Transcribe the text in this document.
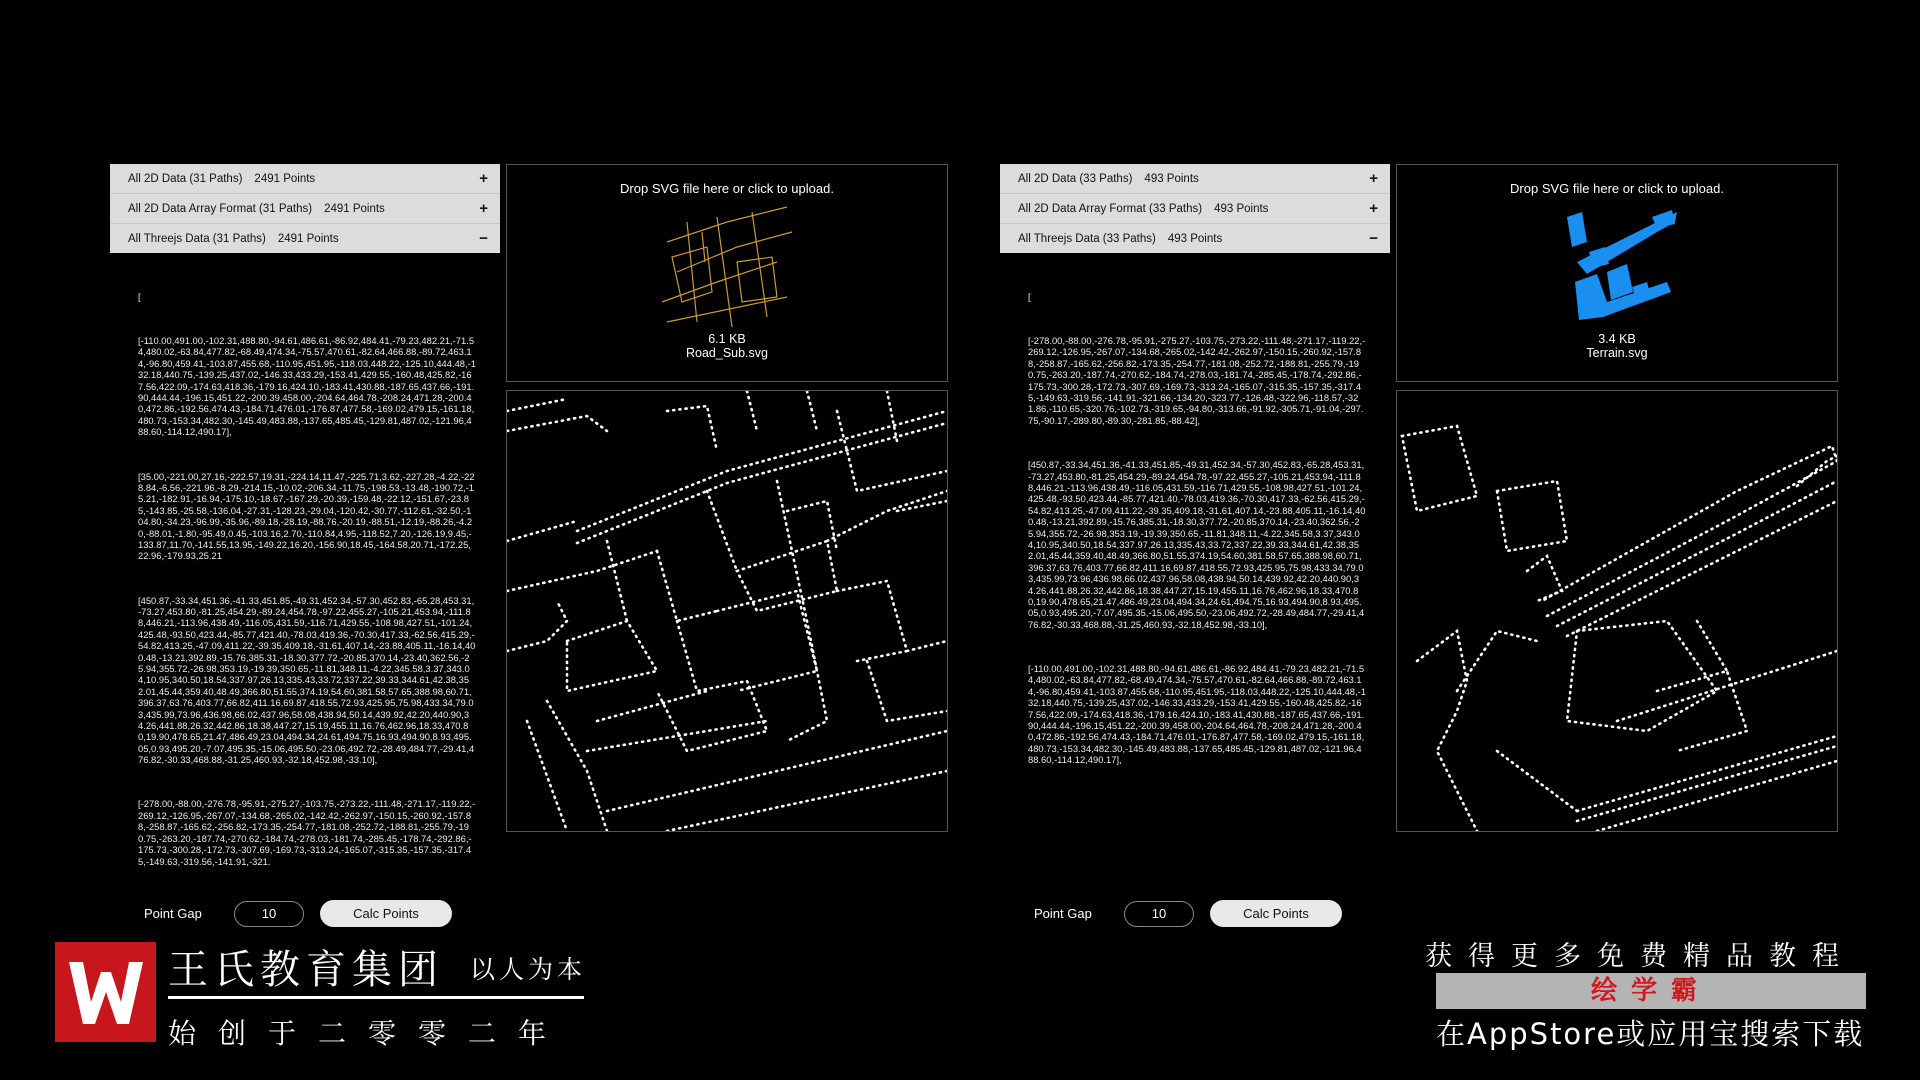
All 2D Data (31 Paths) 2491 Points	+
All 2D Data Array Format (31 Paths) 2491 Points	+
All Threejs Data (31 Paths) 2491 Points	−

[

[-110.00,491.00,-102.31,488.80,-94.61,486.61,-86.92,484.41,-79.23,482.21,-71.54,480.02,-63.84,477.82,-68.49,474.34,-75.57,470.61,-82.64,466.88,-89.72,463.14,-96.80,459.41,-103.87,455.68,-110.95,451.95,-118.03,448.22,-125.10,444.48,-132.18,440.75,-139.25,437.02,-146.33,433.29,-153.41,429.55,-160.48,425.82,-167.56,422.09,-174.63,418.36,-179.16,424.10,-183.41,430.88,-187.65,437.66,-191.90,444.44,-196.15,451.22,-200.39,458.00,-204.64,464.78,-208.24,471.28,-200.40,472.86,-192.56,474.43,-184.71,476.01,-176.87,477.58,-169.02,479.15,-161.18,480.73,-153.34,482.30,-145.49,483.88,-137.65,485.45,-129.81,487.02,-121.96,488.60,-114.12,490.17],

[35.00,-221.00,27.16,-222.57,19.31,-224.14,11.47,-225.71,3.62,-227.28,-4.22,-228.84,-6.56,-221.96,-8.29,-214.15,-10.02,-206.34,-11.75,-198.53,-13.48,-190.72,-15.21,-182.91,-16.94,-175.10,-18.67,-167.29,-20.39,-159.48,-22.12,-151.67,-23.85,-143.85,-25.58,-136.04,-27.31,-128.23,-29.04,-120.42,-30.77,-112.61,-32.50,-104.80,-34.23,-96.99,-35.96,-89.18,-28.19,-88.76,-20.19,-88.51,-12.19,-88.26,-4.20,-88.01,-1.80,-95.49,0.45,-103.16,2.70,-110.84,4.95,-118.52,7.20,-126.19,9.45,-133.87,11.70,-141.55,13.95,-149.22,16.20,-156.90,18.45,-164.58,20.71,-172.25,22.96,-179.93,25.21

[450.87,-33.34,451.36,-41.33,451.85,-49.31,452.34,-57.30,452.83,-65.28,453.31,-73.27,453.80,-81.25,454.29,-89.24,454.78,-97.22,455.27,-105.21,453.94,-111.88,446.21,-113.96,438.49,-116.05,431.59,-116.71,429.55,-108.98,427.51,-101.24,425.48,-93.50,423.44,-85.77,421.40,-78.03,419.36,-70.30,417.33,-62.56,415.29,-54.82,413.25,-47.09,411.22,-39.35,409.18,-31.61,407.14,-23.88,405.11,-16.14,400.48,-13.21,392.89,-15.76,385.31,-18.30,377.72,-20.85,370.14,-23.40,362.56,-25.94,355.72,-26.98,353.19,-19.39,350.65,-11.81,348.11,-4.22,345.58,3.37,343.04,10.95,340.50,18.54,337.97,26.13,335.43,33.72,337.22,39.33,344.61,42.38,352.01,45.44,359.40,48.49,366.80,51.55,374.19,54.60,381.58,57.65,388.98,60.71,396.37,63.76,403.77,66.82,411.16,69.87,418.55,72.93,425.95,75.98,433.34,79.03,435.99,73.96,436.98,66.02,437.96,58.08,438.94,50.14,439.92,42.20,440.90,34.26,441.88,26.32,442.86,18.38,447.27,15.19,455.11,16.76,462.96,18.33,470.80,19.90,478.65,21.47,486.49,23.04,494.34,24.61,494.75,16.93,494.90,8.93,495.05,0.93,495.20,-7.07,495.35,-15.06,495.50,-23.06,492.72,-28.49,484.77,-29.41,476.82,-30.33,468.88,-31.25,460.93,-32.18,452.98,-33.10],

[-278.00,-88.00,-276.78,-95.91,-275.27,-103.75,-273.22,-111.48,-271.17,-119.22,-269.12,-126.95,-267.07,-134.68,-265.02,-142.42,-262.97,-150.15,-260.92,-157.88,-258.87,-165.62,-256.82,-173.35,-254.77,-181.08,-252.72,-188.81,-255.79,-190.75,-263.20,-187.74,-270.62,-184.74,-278.03,-181.74,-285.45,-178.74,-292.86,-175.73,-300.28,-172.73,-307.69,-169.73,-313.24,-165.07,-315.35,-157.35,-317.45,-149.63,-319.56,-141.91,-321.

Drop SVG file here or click to upload.
6.1 KB
Road_Sub.svg
Point Gap
10	Calc Points
All 2D Data (33 Paths) 493 Points	+
All 2D Data Array Format (33 Paths) 493 Points	+
All Threejs Data (33 Paths) 493 Points	−

[

[-278.00,-88.00,-276.78,-95.91,-275.27,-103.75,-273.22,-111.48,-271.17,-119.22,-269.12,-126.95,-267.07,-134.68,-265.02,-142.42,-262.97,-150.15,-260.92,-157.88,-258.87,-165.62,-256.82,-173.35,-254.77,-181.08,-252.72,-188.81,-255.79,-190.75,-263.20,-187.74,-270.62,-184.74,-278.03,-181.74,-285.45,-178.74,-292.86,-175.73,-300.28,-172.73,-307.69,-169.73,-313.24,-165.07,-315.35,-157.35,-317.45,-149.63,-319.56,-141.91,-321.66,-134.20,-323.77,-126.48,-322.96,-118.57,-321.86,-110.65,-320.76,-102.73,-319.65,-94.80,-313.66,-91.92,-305.71,-91.04,-297.75,-90.17,-289.80,-89.30,-281.85,-88.42],

[450.87,-33.34,451.36,-41.33,451.85,-49.31,452.34,-57.30,452.83,-65.28,453.31,-73.27,453.80,-81.25,454.29,-89.24,454.78,-97.22,455.27,-105.21,453.94,-111.88,446.21,-113.96,438.49,-116.05,431.59,-116.71,429.55,-108.98,427.51,-101.24,425.48,-93.50,423.44,-85.77,421.40,-78.03,419.36,-70.30,417.33,-62.56,415.29,-54.82,413.25,-47.09,411.22,-39.35,409.18,-31.61,407.14,-23.88,405.11,-16.14,400.48,-13.21,392.89,-15.76,385.31,-18.30,377.72,-20.85,370.14,-23.40,362.56,-25.94,355.72,-26.98,353.19,-19.39,350.65,-11.81,348.11,-4.22,345.58,3.37,343.04,10.95,340.50,18.54,337.97,26.13,335.43,33.72,337.22,39.33,344.61,42.38,352.01,45.44,359.40,48.49,366.80,51.55,374.19,54.60,381.58,57.65,388.98,60.71,396.37,63.76,403.77,66.82,411.16,69.87,418.55,72.93,425.95,75.98,433.34,79.03,435.99,73.96,436.98,66.02,437.96,58.08,438.94,50.14,439.92,42.20,440.90,34.26,441.88,26.32,442.86,18.38,447.27,15.19,455.11,16.76,462.96,18.33,470.80,19.90,478.65,21.47,486.49,23.04,494.34,24.61,494.75,16.93,494.90,8.93,495.05,0.93,495.20,-7.07,495.35,-15.06,495.50,-23.06,492.72,-28.49,484.77,-29.41,476.82,-30.33,468.88,-31.25,460.93,-32.18,452.98,-33.10],

[-110.00,491.00,-102.31,488.80,-94.61,486.61,-86.92,484.41,-79.23,482.21,-71.54,480.02,-63.84,477.82,-68.49,474.34,-75.57,470.61,-82.64,466.88,-89.72,463.14,-96.80,459.41,-103.87,455.68,-110.95,451.95,-118.03,448.22,-125.10,444.48,-132.18,440.75,-139.25,437.02,-146.33,433.29,-153.41,429.55,-160.48,425.82,-167.56,422.09,-174.63,418.36,-179.16,424.10,-183.41,430.88,-187.65,437.66,-191.90,444.44,-196.15,451.22,-200.39,458.00,-204.64,464.78,-208.24,471.28,-200.40,472.86,-192.56,474.43,-184.71,476.01,-176.87,477.58,-169.02,479.15,-161.18,480.73,-153.34,482.30,-145.49,483.88,-137.65,485.45,-129.81,487.02,-121.96,488.60,-114.12,490.17],

Drop SVG file here or click to upload.
3.4 KB
Terrain.svg
Point Gap
10	Calc Points
王氏教育集团 以人为本
始创于二零零二年
获得更多免费精品教程
绘学霸
在AppStore或应用宝搜索下载
